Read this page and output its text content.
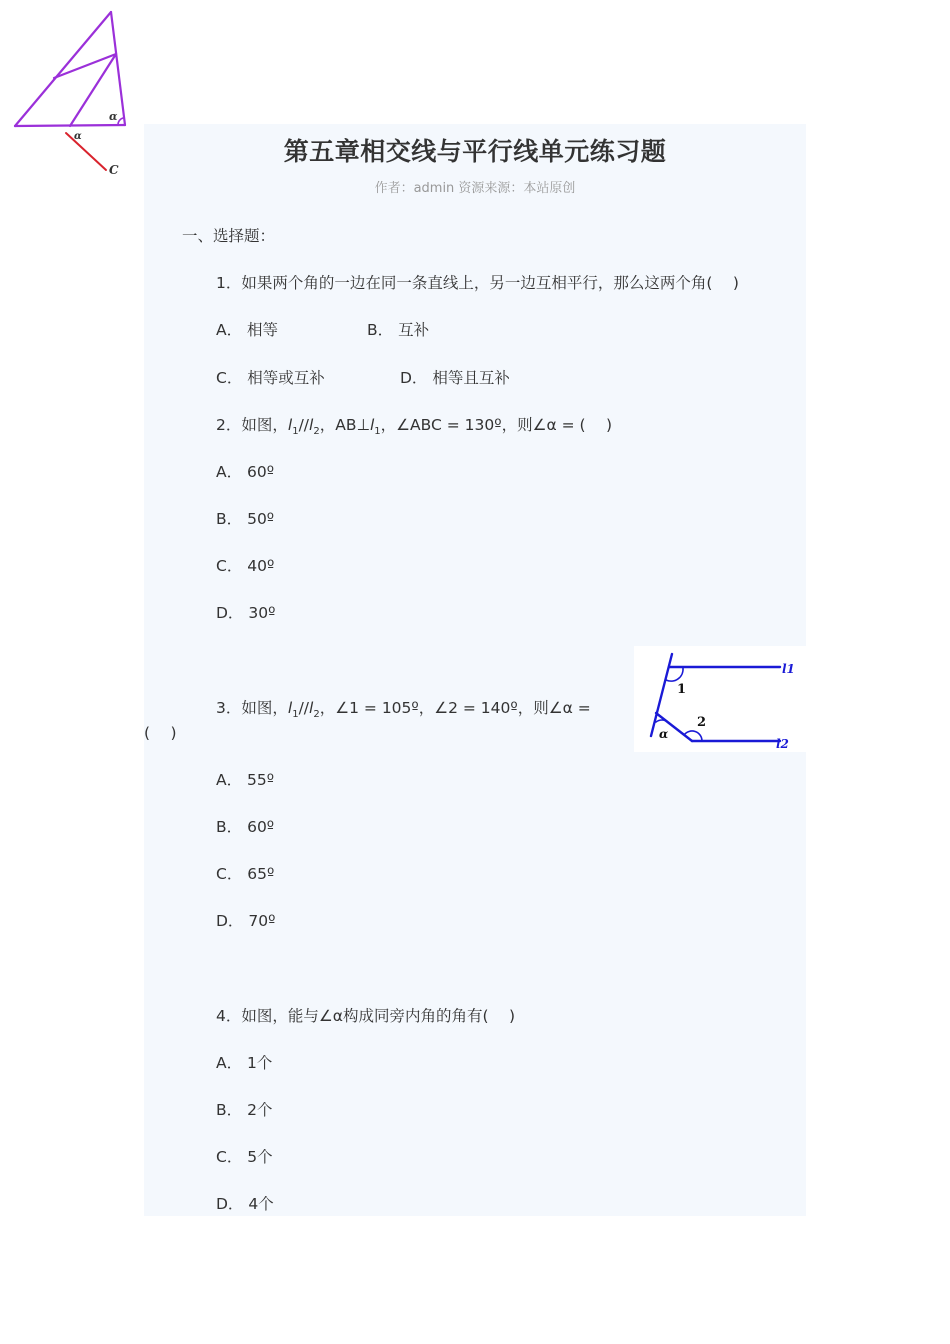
α
α
C
第五章相交线与平行线单元练习题
作者：admin 资源来源：本站原创
一、选择题：
1．如果两个角的一边在同一条直线上，另一边互相平行，那么这两个角(　 )
A． 相等	B． 互补
C． 相等或互补	D． 相等且互补
2．如图，$l_1//l_2$，$AB\perp l_1$，∠ABC = 130º，则∠α = (　 )
A． 60º
B． 50º
C． 40º
D． 30º
l1
l2
1
2
α
3．如图，$l_1//l_2$，∠1 = 105º，∠2 = 140º，则∠α =
(　 )
A． 55º
B． 60º
C． 65º
D． 70º
4．如图，能与∠α构成同旁内角的角有(　 )
A． 1个
B． 2个
C． 5个
D． 4个
